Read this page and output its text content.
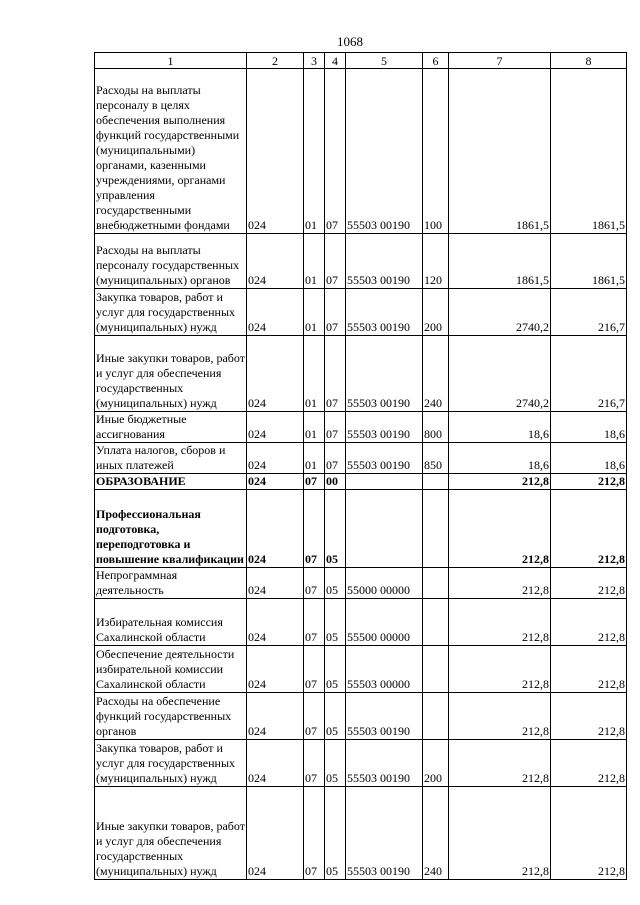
1068
1	2	3	4	5	6	7	8
Расходы на выплаты персоналу в целях обеспечения выполнения функций государственными (муниципальными) органами, казенными учреждениями, органами управления государственными внебюджетными фондами	024	01	07	55503 00190	100	1861,5	1861,5
Расходы на выплаты персоналу государственных (муниципальных) органов	024	01	07	55503 00190	120	1861,5	1861,5
Закупка товаров, работ и услуг для государственных (муниципальных) нужд	024	01	07	55503 00190	200	2740,2	216,7
Иные закупки товаров, работ и услуг для обеспечения государственных (муниципальных) нужд	024	01	07	55503 00190	240	2740,2	216,7
Иные бюджетные ассигнования	024	01	07	55503 00190	800	18,6	18,6
Уплата налогов, сборов и иных платежей	024	01	07	55503 00190	850	18,6	18,6
ОБРАЗОВАНИЕ	024	07	00			212,8	212,8
Профессиональная подготовка, переподготовка и повышение квалификации	024	07	05			212,8	212,8
Непрограммная деятельность	024	07	05	55000 00000		212,8	212,8
Избирательная комиссия Сахалинской области	024	07	05	55500 00000		212,8	212,8
Обеспечение деятельности избирательной комиссии Сахалинской области	024	07	05	55503 00000		212,8	212,8
Расходы на обеспечение функций государственных органов	024	07	05	55503 00190		212,8	212,8
Закупка товаров, работ и услуг для государственных (муниципальных) нужд	024	07	05	55503 00190	200	212,8	212,8
Иные закупки товаров, работ и услуг для обеспечения государственных (муниципальных) нужд	024	07	05	55503 00190	240	212,8	212,8
